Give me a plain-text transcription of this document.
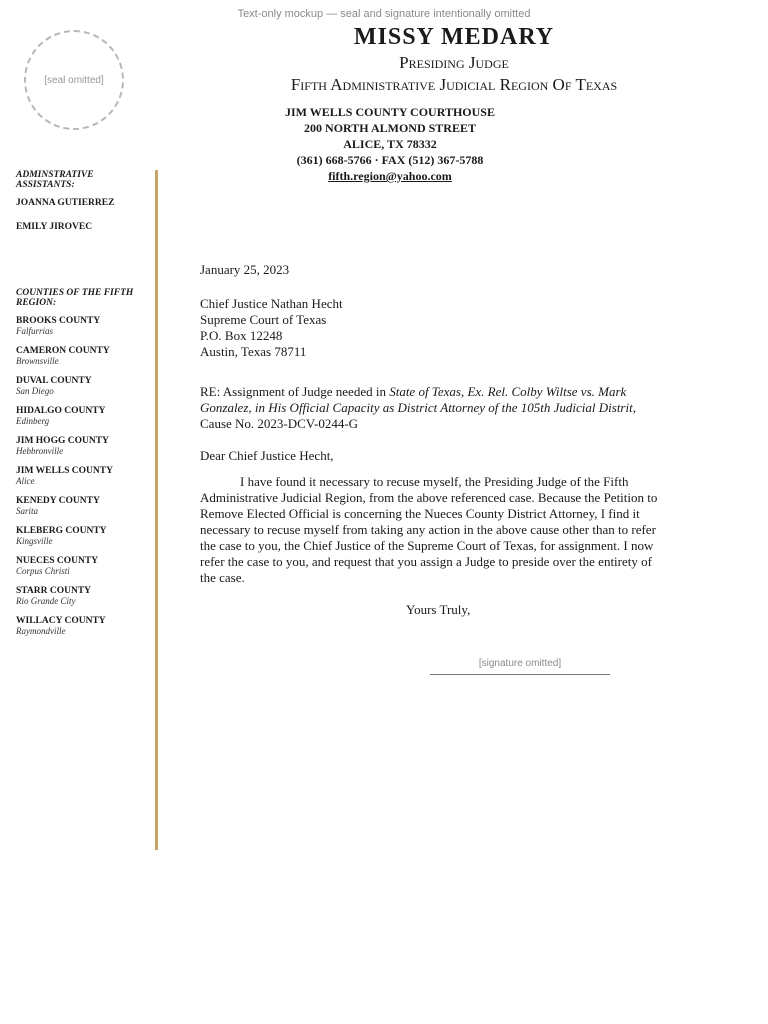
Text-only mockup — seal and signature intentionally omitted
[seal omitted]
MISSY MEDARY
Presiding Judge
Fifth Administrative Judicial Region Of Texas
JIM WELLS COUNTY COURTHOUSE
200 NORTH ALMOND STREET
ALICE, TX 78332
(361) 668-5766 · FAX (512) 367-5788
fifth.region@yahoo.com
ADMINSTRATIVE ASSISTANTS:
JOANNA GUTIERREZ
EMILY JIROVEC
COUNTIES OF THE FIFTH REGION:
BROOKS COUNTY
Falfurrias
CAMERON COUNTY
Brownsville
DUVAL COUNTY
San Diego
HIDALGO COUNTY
Edinberg
JIM HOGG COUNTY
Hebbronville
JIM WELLS COUNTY
Alice
KENEDY COUNTY
Sarita
KLEBERG COUNTY
Kingsville
NUECES COUNTY
Corpus Christi
STARR COUNTY
Rio Grande City
WILLACY COUNTY
Raymondville
January 25, 2023
Chief Justice Nathan Hecht
Supreme Court of Texas
P.O. Box 12248
Austin, Texas 78711
RE: Assignment of Judge needed in State of Texas, Ex. Rel. Colby Wiltse vs. Mark Gonzalez, in His Official Capacity as District Attorney of the 105th Judicial Distrit,
Cause No. 2023-DCV-0244-G
Dear Chief Justice Hecht,
I have found it necessary to recuse myself, the Presiding Judge of the Fifth Administrative Judicial Region, from the above referenced case. Because the Petition to Remove Elected Official is concerning the Nueces County District Attorney, I find it necessary to recuse myself from taking any action in the above cause other than to refer the case to you, the Chief Justice of the Supreme Court of Texas, for assignment. I now refer the case to you, and request that you assign a Judge to preside over the entirety of the case.
Yours Truly,
[signature omitted]
